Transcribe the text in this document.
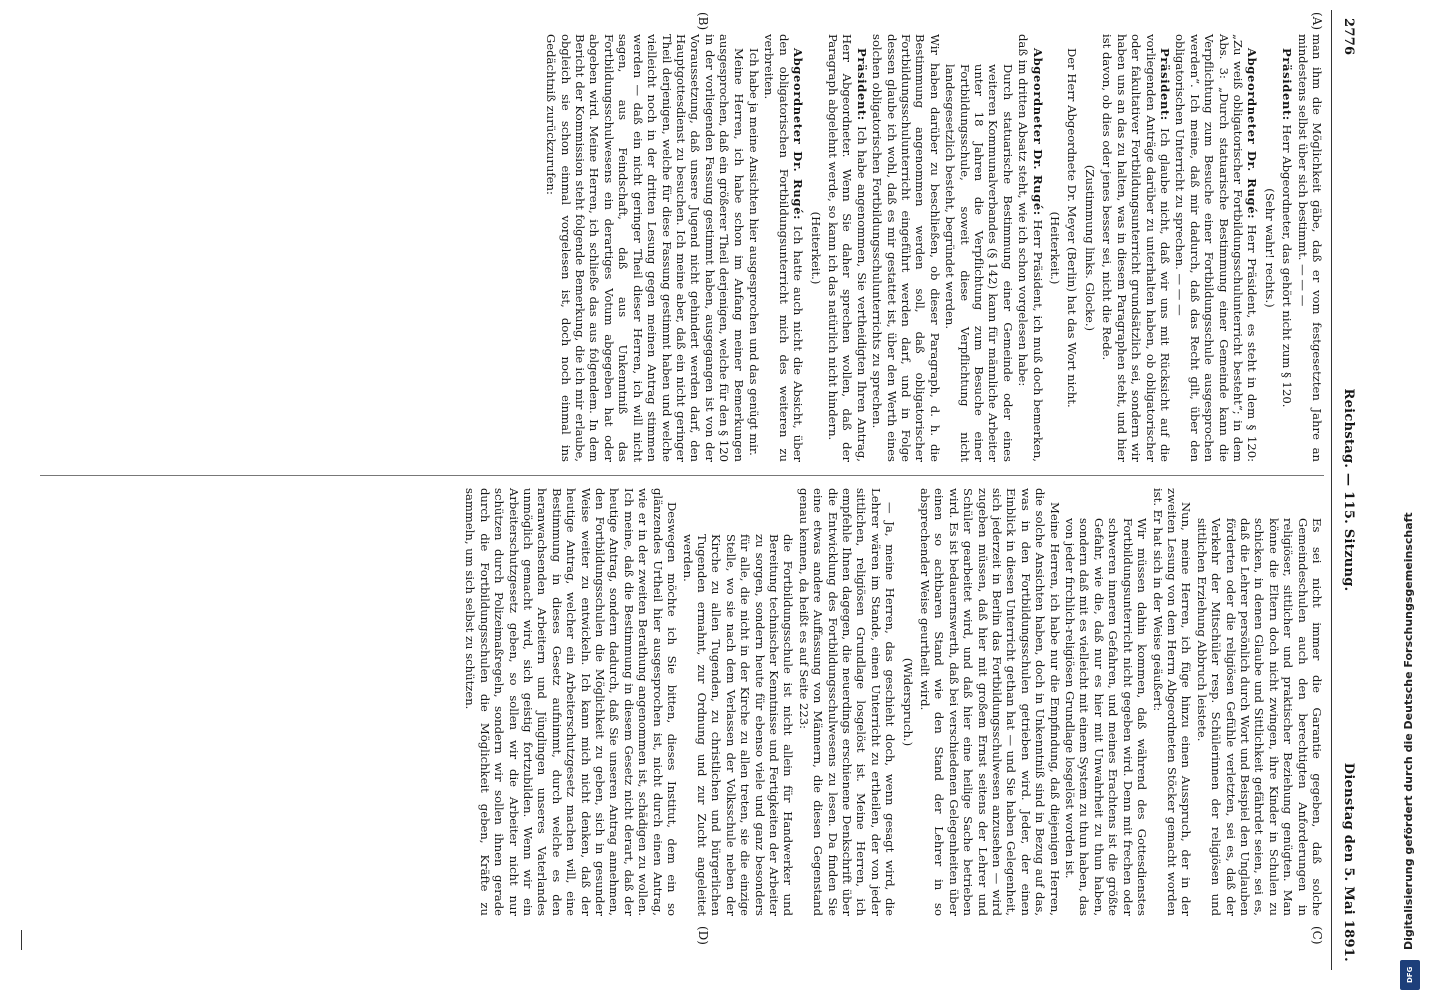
2776
Reichstag. — 115. Sitzung.
Dienstag den 5. Mai 1891.
(A)
(B)
(C)
(D)

man ihm die Möglichkeit gäbe, daß er vom festgesetzten Jahre an mindestens selbst über sich bestimmt. — — —

Präsident: Herr Abgeordneter, das gehört nicht zum § 120.

(Sehr wahr! rechts.)

Abgeordneter Dr. Rugé: Herr Präsident, es steht in dem § 120: „Zu weiß obligatorischer Fortbildungsschulunterricht besteht“; in dem Abs. 3: „Durch statuarische Bestimmung einer Gemeinde kann die Verpflichtung zum Besuche einer Fortbildungsschule ausgesprochen werden“. Ich meine, daß mir dadurch, daß das Recht gilt, über den obligatorischen Unterricht zu sprechen. — — —

Präsident: Ich glaube nicht, daß wir uns mit Rücksicht auf die vorliegenden Anträge darüber zu unterhalten haben, ob obligatorischer oder fakultativer Fortbildungsunterricht grundsätzlich sei, sondern wir haben uns an das zu halten, was in diesem Paragraphen steht, und hier ist davon, ob dies oder jenes besser sei, nicht die Rede.

(Zustimmung links. Glocke.)

Der Herr Abgeordnete Dr. Meyer (Berlin) hat das Wort nicht.

(Heiterkeit.)

Abgeordneter Dr. Rugé: Herr Präsident, ich muß doch bemerken, daß im dritten Absatz steht, wie ich schon vorgelesen habe:

Durch statuarische Bestimmung einer Gemeinde oder eines weiteren Kommunalverbandes (§ 142) kann für männliche Arbeiter unter 18 Jahren die Verpflichtung zum Besuche einer Fortbildungsschule, soweit diese Verpflichtung nicht landesgesetzlich besteht, begründet werden.

Wir haben darüber zu beschließen, ob dieser Paragraph, d. h. die Bestimmung angenommen werden soll, daß obligatorischer Fortbildungsschulunterricht eingeführt werden darf, und in Folge dessen glaube ich wohl, daß es mir gestattet ist, über den Werth eines solchen obligatorischen Fortbildungsschulunterrichts zu sprechen.

Präsident: Ich habe angenommen, Sie vertheidigten Ihren Antrag, Herr Abgeordneter. Wenn Sie daher sprechen wollen, daß der Paragraph abgelehnt werde, so kann ich das natürlich nicht hindern.

(Heiterkeit.)

Abgeordneter Dr. Rugé: Ich hatte auch nicht die Absicht, über den obligatorischen Fortbildungsunterricht mich des weiteren zu verbreiten.

Ich habe ja meine Ansichten hier ausgesprochen und das genügt mir.

Meine Herren, ich habe schon im Anfang meiner Bemerkungen ausgesprochen, daß ein größerer Theil derjenigen, welche für den § 120 in der vorliegenden Fassung gestimmt haben, ausgegangen ist von der Voraussetzung, daß unsere Jugend nicht gehindert werden darf, den Hauptgottesdienst zu besuchen. Ich meine aber, daß ein nicht geringer Theil derjenigen, welche für diese Fassung gestimmt haben und welche vielleicht noch in der dritten Lesung gegen meinen Antrag stimmen werden — daß ein nicht geringer Theil dieser Herren, ich will nicht sagen, aus Feindschaft, daß aus Unkenntniß das Fortbildungsschulwesens ein derartiges Votum abgegeben hat oder abgeben wird. Meine Herren, ich schließe das aus folgendem. In dem Bericht der Kommission steht folgende Bemerkung, die ich mir erlaube, obgleich sie schon einmal vorgelesen ist, doch noch einmal ins Gedächtniß zurückzurufen:

Es sei nicht immer die Garantie gegeben, daß solche Gemeindeschulen auch den berechtigten Anforderungen in religiöser, sittlicher und praktischer Beziehung genügten. Man könne die Eltern doch nicht zwingen, ihre Kinder in Schulen zu schicken, in denen Glaube und Sittlichkeit gefährdet seien, sei es, daß die Lehrer persönlich durch Wort und Beispiel den Unglauben förderten oder die religiösen Gefühle verletzten, sei es, daß der Verkehr der Mitschüler resp. Schülerinnen der religiösen und sittlichen Erziehung Abbruch leistete.

Nun, meine Herren, ich füge hinzu einen Ausspruch, der in der zweiten Lesung von dem Herrn Abgeordneten Stöcker gemacht worden ist. Er hat sich in der Weise geäußert:

Wir müssen dahin kommen, daß während des Gottesdienstes Fortbildungsunterricht nicht gegeben wird. Denn mit frechen oder schweren inneren Gefahren, und meines Erachtens ist die größte Gefahr, wie die, daß nur es hier mit Unwahrheit zu thun haben, sondern daß mit es vielleicht mit einem System zu thun haben, das von jeder firchlich-religiösen Grundlage losgelöst worden ist.

Meine Herren, ich habe nur die Empfindung, daß diejenigen Herren, die solche Ansichten haben, doch in Unkenntniß sind in Bezug auf das, was in den Fortbildungsschulen getrieben wird. Jeder, der einen Einblick in diesen Unterricht gethan hat — und Sie haben Gelegenheit, sich jederzeit in Berlin das Fortbildungsschulwesen anzusehen — wird zugeben müssen, daß hier mit großem Ernst seitens der Lehrer und Schüler gearbeitet wird, und daß hier eine heilige Sache betrieben wird. Es ist bedauernswerth, daß bei verschiedenen Gelegenheiten über einen so achtbaren Stand wie den Stand der Lehrer in so absprechender Weise geurtheilt wird.

(Widerspruch.)

— Ja, meine Herren, das geschieht doch, wenn gesagt wird, die Lehrer wären im Stande, einen Unterricht zu ertheilen, der von jeder sittlichen, religiösen Grundlage losgelöst ist. Meine Herren, ich empfehle Ihnen dagegen, die neuerdings erschienene Denkschrift über die Entwicklung des Fortbildungsschulwesens zu lesen. Da finden Sie eine etwas andere Auffassung von Männern, die diesen Gegenstand genau kennen, da heißt es auf Seite 223:

die Fortbildungsschule ist nicht allein für Handwerker und Bereitung technischer Kenntnisse und Fertigkeiten der Arbeiter zu sorgen, sondern heute für ebenso viele und ganz besonders für alle, die nicht in der Kirche zu allen treten, sie die einzige Stelle, wo sie nach dem Verlassen der Volksschule neben der Kirche zu allen Tugenden, zu christlichen und bürgerlichen Tugenden ermahnt, zur Ordnung und zur Zucht angeleitet werden.

Deswegen möchte ich Sie bitten, dieses Institut, dem ein so glänzendes Urtheil hier ausgesprochen ist, nicht durch einen Antrag, wie er in der zweiten Berathung angenommen ist, schädigen zu wollen. Ich meine, daß die Bestimmung in diesem Gesetz nicht derart, daß der heutige Antrag, sondern dadurch, daß Sie unseren Antrag annehmen, den Fortbildungsschulen die Möglichkeit zu geben, sich in gesunder Weise weiter zu entwickeln. Ich kann mich nicht denken, daß der heutige Antrag, welcher ein Arbeiterschutzgesetz machen will, eine Bestimmung in dieses Gesetz aufnimmt, durch welche es den heranwachsenden Arbeitern und Jünglingen unseres Vaterlandes unmöglich gemacht wird, sich geistig fortzubilden. Wenn wir ein Arbeiterschutzgesetz geben, so sollen wir die Arbeiter nicht nur schützen durch Polizeimaßregeln, sondern wir sollen ihnen gerade durch die Fortbildungsschulen die Möglichkeit geben, Kräfte zu sammeln, um sich selbst zu schützen.	Digitalisierung gefördert durch die Deutsche Forschungsgemeinschaft
DFG
